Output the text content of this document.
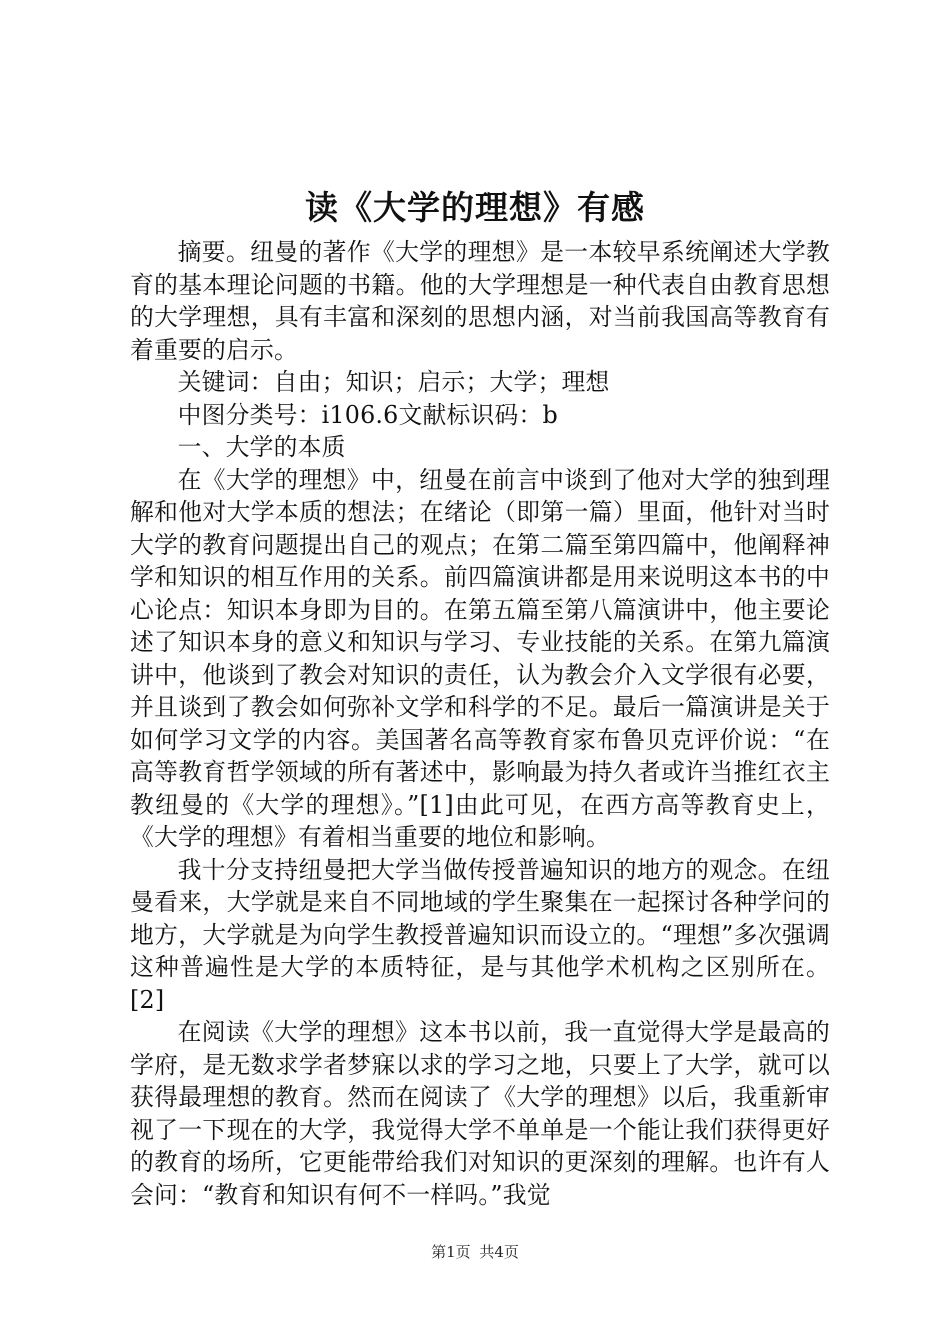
读《大学的理想》有感

摘要。纽曼的著作《大学的理想》是一本较早系统阐述大学教育的基本理论问题的书籍。他的大学理想是一种代表自由教育思想的大学理想，具有丰富和深刻的思想内涵，对当前我国高等教育有着重要的启示。

关键词：自由；知识；启示；大学；理想

中图分类号：i106.6文献标识码：b

一、大学的本质

在《大学的理想》中，纽曼在前言中谈到了他对大学的独到理解和他对大学本质的想法；在绪论（即第一篇）里面，他针对当时大学的教育问题提出自己的观点；在第二篇至第四篇中，他阐释神学和知识的相互作用的关系。前四篇演讲都是用来说明这本书的中心论点：知识本身即为目的。在第五篇至第八篇演讲中，他主要论述了知识本身的意义和知识与学习、专业技能的关系。在第九篇演讲中，他谈到了教会对知识的责任，认为教会介入文学很有必要，并且谈到了教会如何弥补文学和科学的不足。最后一篇演讲是关于如何学习文学的内容。美国著名高等教育家布鲁贝克评价说：“在高等教育哲学领域的所有著述中，影响最为持久者或许当推红衣主教纽曼的《大学的理想》。”[1]由此可见，在西方高等教育史上，《大学的理想》有着相当重要的地位和影响。

我十分支持纽曼把大学当做传授普遍知识的地方的观念。在纽曼看来，大学就是来自不同地域的学生聚集在一起探讨各种学问的地方，大学就是为向学生教授普遍知识而设立的。“理想”多次强调这种普遍性是大学的本质特征，是与其他学术机构之区别所在。[2]

在阅读《大学的理想》这本书以前，我一直觉得大学是最高的学府，是无数求学者梦寐以求的学习之地，只要上了大学，就可以获得最理想的教育。然而在阅读了《大学的理想》以后，我重新审视了一下现在的大学，我觉得大学不单单是一个能让我们获得更好的教育的场所，它更能带给我们对知识的更深刻的理解。也许有人会问：“教育和知识有何不一样吗。”我觉

第1页 共4页
